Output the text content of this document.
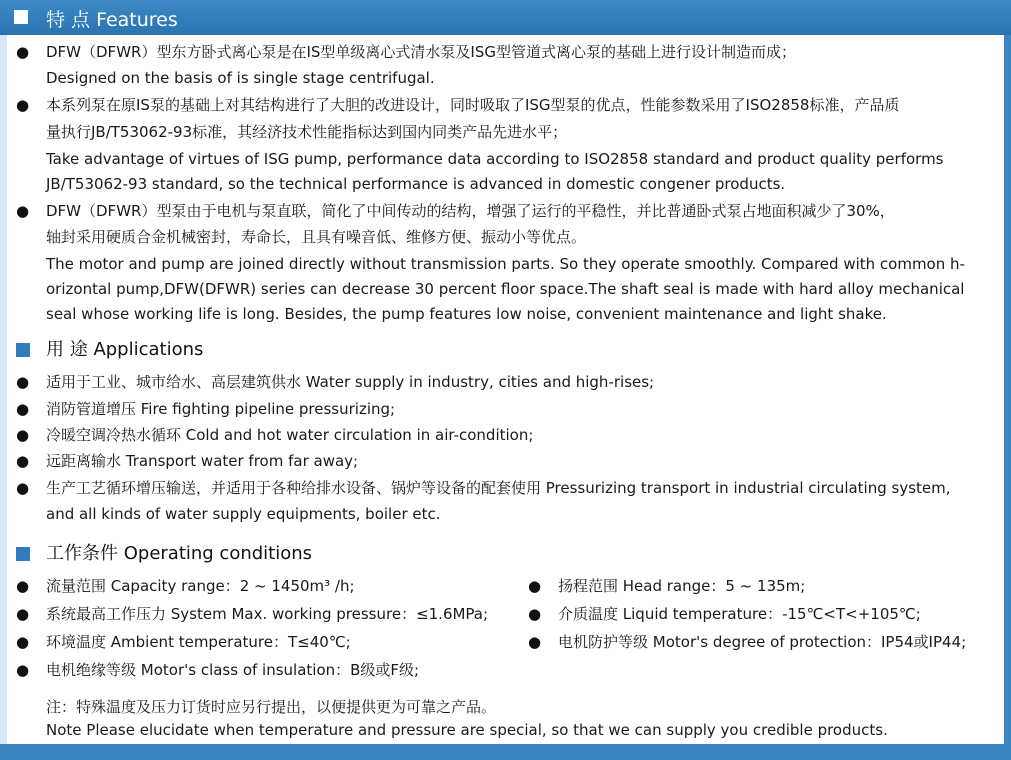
特 点 Features
● DFW（DFWR）型东方卧式离心泵是在IS型单级离心式清水泵及ISG型管道式离心泵的基础上进行设计制造而成；
Designed on the basis of is single stage centrifugal.
● 本系列泵在原IS泵的基础上对其结构进行了大胆的改进设计，同时吸取了ISG型泵的优点，性能参数采用了ISO2858标准，产品质
量执行JB/T53062-93标准，其经济技术性能指标达到国内同类产品先进水平；
Take advantage of virtues of ISG pump, performance data according to ISO2858 standard and product quality performs
JB/T53062-93 standard, so the technical performance is advanced in domestic congener products.
● DFW（DFWR）型泵由于电机与泵直联，简化了中间传动的结构，增强了运行的平稳性，并比普通卧式泵占地面积减少了30%，
轴封采用硬质合金机械密封，寿命长，且具有噪音低、维修方便、振动小等优点。
The motor and pump are joined directly without transmission parts. So they operate smoothly. Compared with common h-
orizontal pump,DFW(DFWR) series can decrease 30 percent floor space.The shaft seal is made with hard alloy mechanical
seal whose working life is long. Besides, the pump features low noise, convenient maintenance and light shake.
用 途 Applications
● 适用于工业、城市给水、高层建筑供水 Water supply in industry, cities and high-rises;
● 消防管道增压 Fire fighting pipeline pressurizing;
● 冷暖空调冷热水循环 Cold and hot water circulation in air-condition;
● 远距离输水 Transport water from far away;
● 生产工艺循环增压输送，并适用于各种给排水设备、锅炉等设备的配套使用 Pressurizing transport in industrial circulating system,
and all kinds of water supply equipments, boiler etc.
工作条件 Operating conditions
● 流量范围 Capacity range：2 ~ 1450m³ /h;
● 系统最高工作压力 System Max. working pressure：≤1.6MPa;
● 环境温度 Ambient temperature：T≤40℃;
● 电机绝缘等级 Motor's class of insulation：B级或F级;
● 扬程范围 Head range：5 ~ 135m;
● 介质温度 Liquid temperature：-15℃<T<+105℃;
● 电机防护等级 Motor's degree of protection：IP54或IP44;
注：特殊温度及压力订货时应另行提出，以便提供更为可靠之产品。
Note Please elucidate when temperature and pressure are special, so that we can supply you credible products.
